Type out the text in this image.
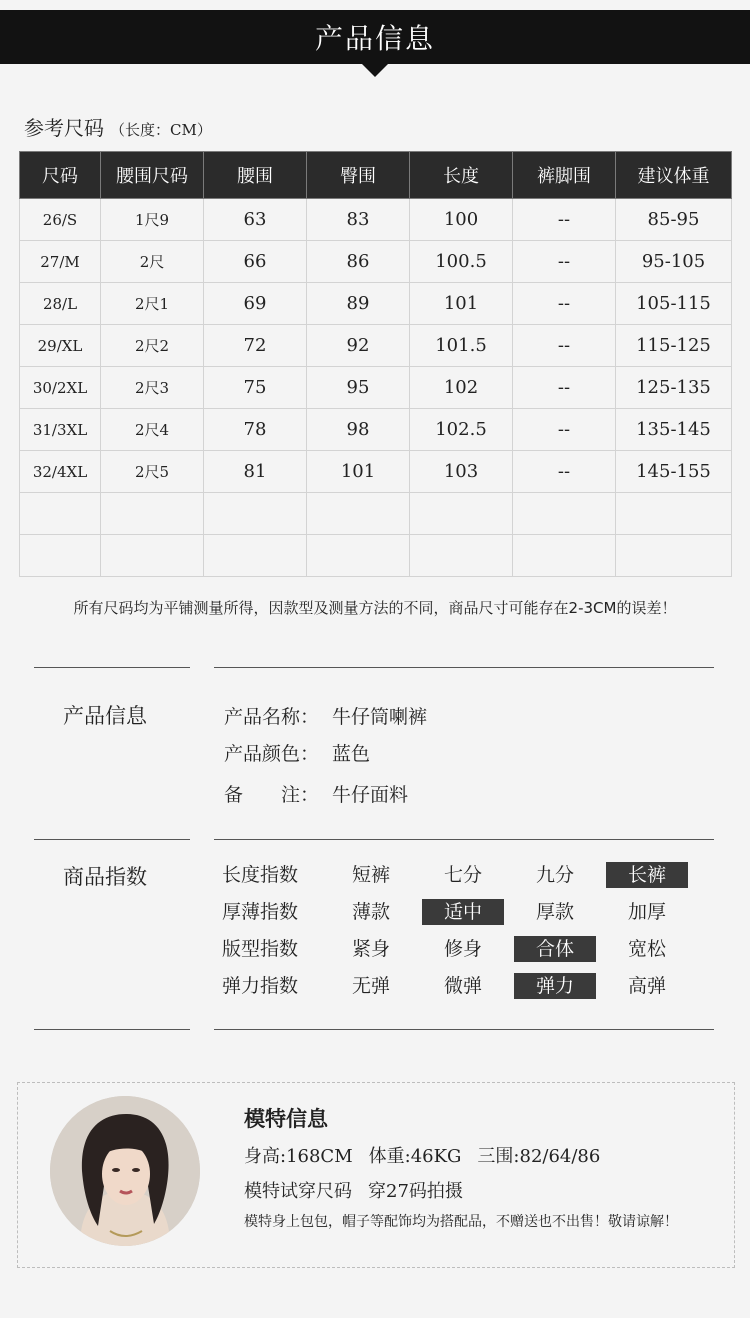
产品信息
参考尺码 （长度：CM）
尺码	腰围尺码	腰围	臀围	长度	裤脚围	建议体重
26/S	1尺9	63	83	100	--	85-95
27/M	2尺	66	86	100.5	--	95-105
28/L	2尺1	69	89	101	--	105-115
29/XL	2尺2	72	92	101.5	--	115-125
30/2XL	2尺3	75	95	102	--	125-135
31/3XL	2尺4	78	98	102.5	--	135-145
32/4XL	2尺5	81	101	103	--	145-155

所有尺码均为平铺测量所得，因款型及测量方法的不同，商品尺寸可能存在2-3CM的误差！
产品信息	产品名称： 牛仔筒喇裤
产品颜色： 蓝色
备　　注： 牛仔面料
商品指数	长度指数	短裤	七分	九分	长裤
厚薄指数	薄款	适中	厚款	加厚
版型指数	紧身	修身	合体	宽松
弹力指数	无弹	微弹	弹力	高弹
模特信息
身高:168CM 体重:46KG 三围:82/64/86
模特试穿尺码 穿27码拍摄
模特身上包包，帽子等配饰均为搭配品，不赠送也不出售！敬请谅解！
